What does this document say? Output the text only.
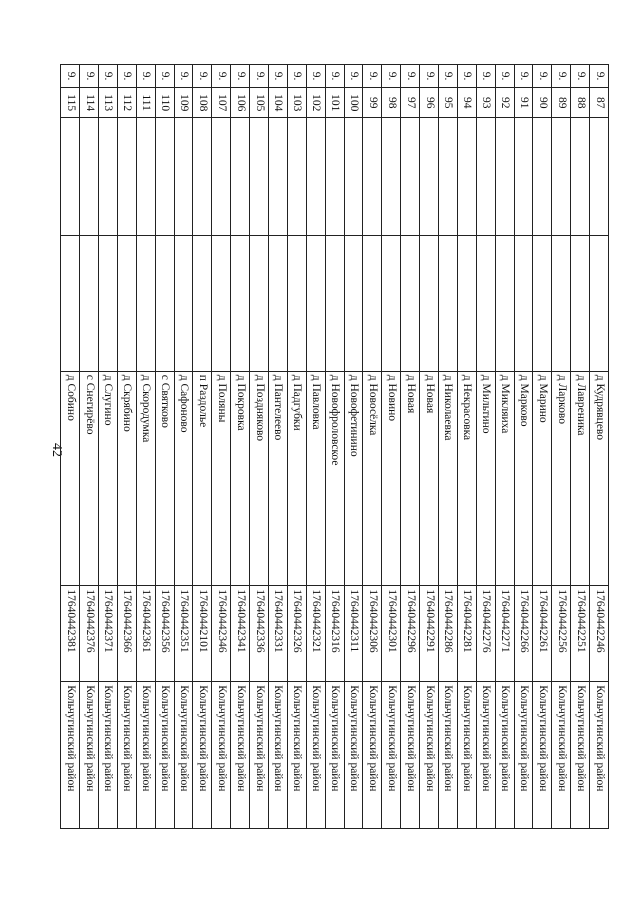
42
9.	87			д Кудрявцево	17640442246	Кольчугинский район
9.	88			д Лавреника	17640442251	Кольчугинский район
9.	89			д Ларково	17640442256	Кольчугинский район
9.	90			д Марино	17640442261	Кольчугинский район
9.	91			д Марково	17640442266	Кольчугинский район
9.	92			д Микляиха	17640442271	Кольчугинский район
9.	93			д Мильтино	17640442276	Кольчугинский район
9.	94			д Некрасовка	17640442281	Кольчугинский район
9.	95			д Николаевка	17640442286	Кольчугинский район
9.	96			д Новая	17640442291	Кольчугинский район
9.	97			д Новая	17640442296	Кольчугинский район
9.	98			д Новино	17640442301	Кольчугинский район
9.	99			д Новосёлка	17640442306	Кольчугинский район
9.	100			д Новофетинино	17640442311	Кольчугинский район
9.	101			д Новофроловское	17640442316	Кольчугинский район
9.	102			д Павловка	17640442321	Кольчугинский район
9.	103			д Падгубки	17640442326	Кольчугинский район
9.	104			д Пантелеево	17640442331	Кольчугинский район
9.	105			д Поздняково	17640442336	Кольчугинский район
9.	106			д Покровка	17640442341	Кольчугинский район
9.	107			д Поляны	17640442346	Кольчугинский район
9.	108			п Раздолье	17640442101	Кольчугинский район
9.	109			д Сафоново	17640442351	Кольчугинский район
9.	110			с Святково	17640442356	Кольчугинский район
9.	111			д Скородумка	17640442361	Кольчугинский район
9.	112			д Скрябино	17640442366	Кольчугинский район
9.	113			д Слугино	17640442371	Кольчугинский район
9.	114			с Снегирёво	17640442376	Кольчугинский район
9.	115			д Собино	17640442381	Кольчугинский район
